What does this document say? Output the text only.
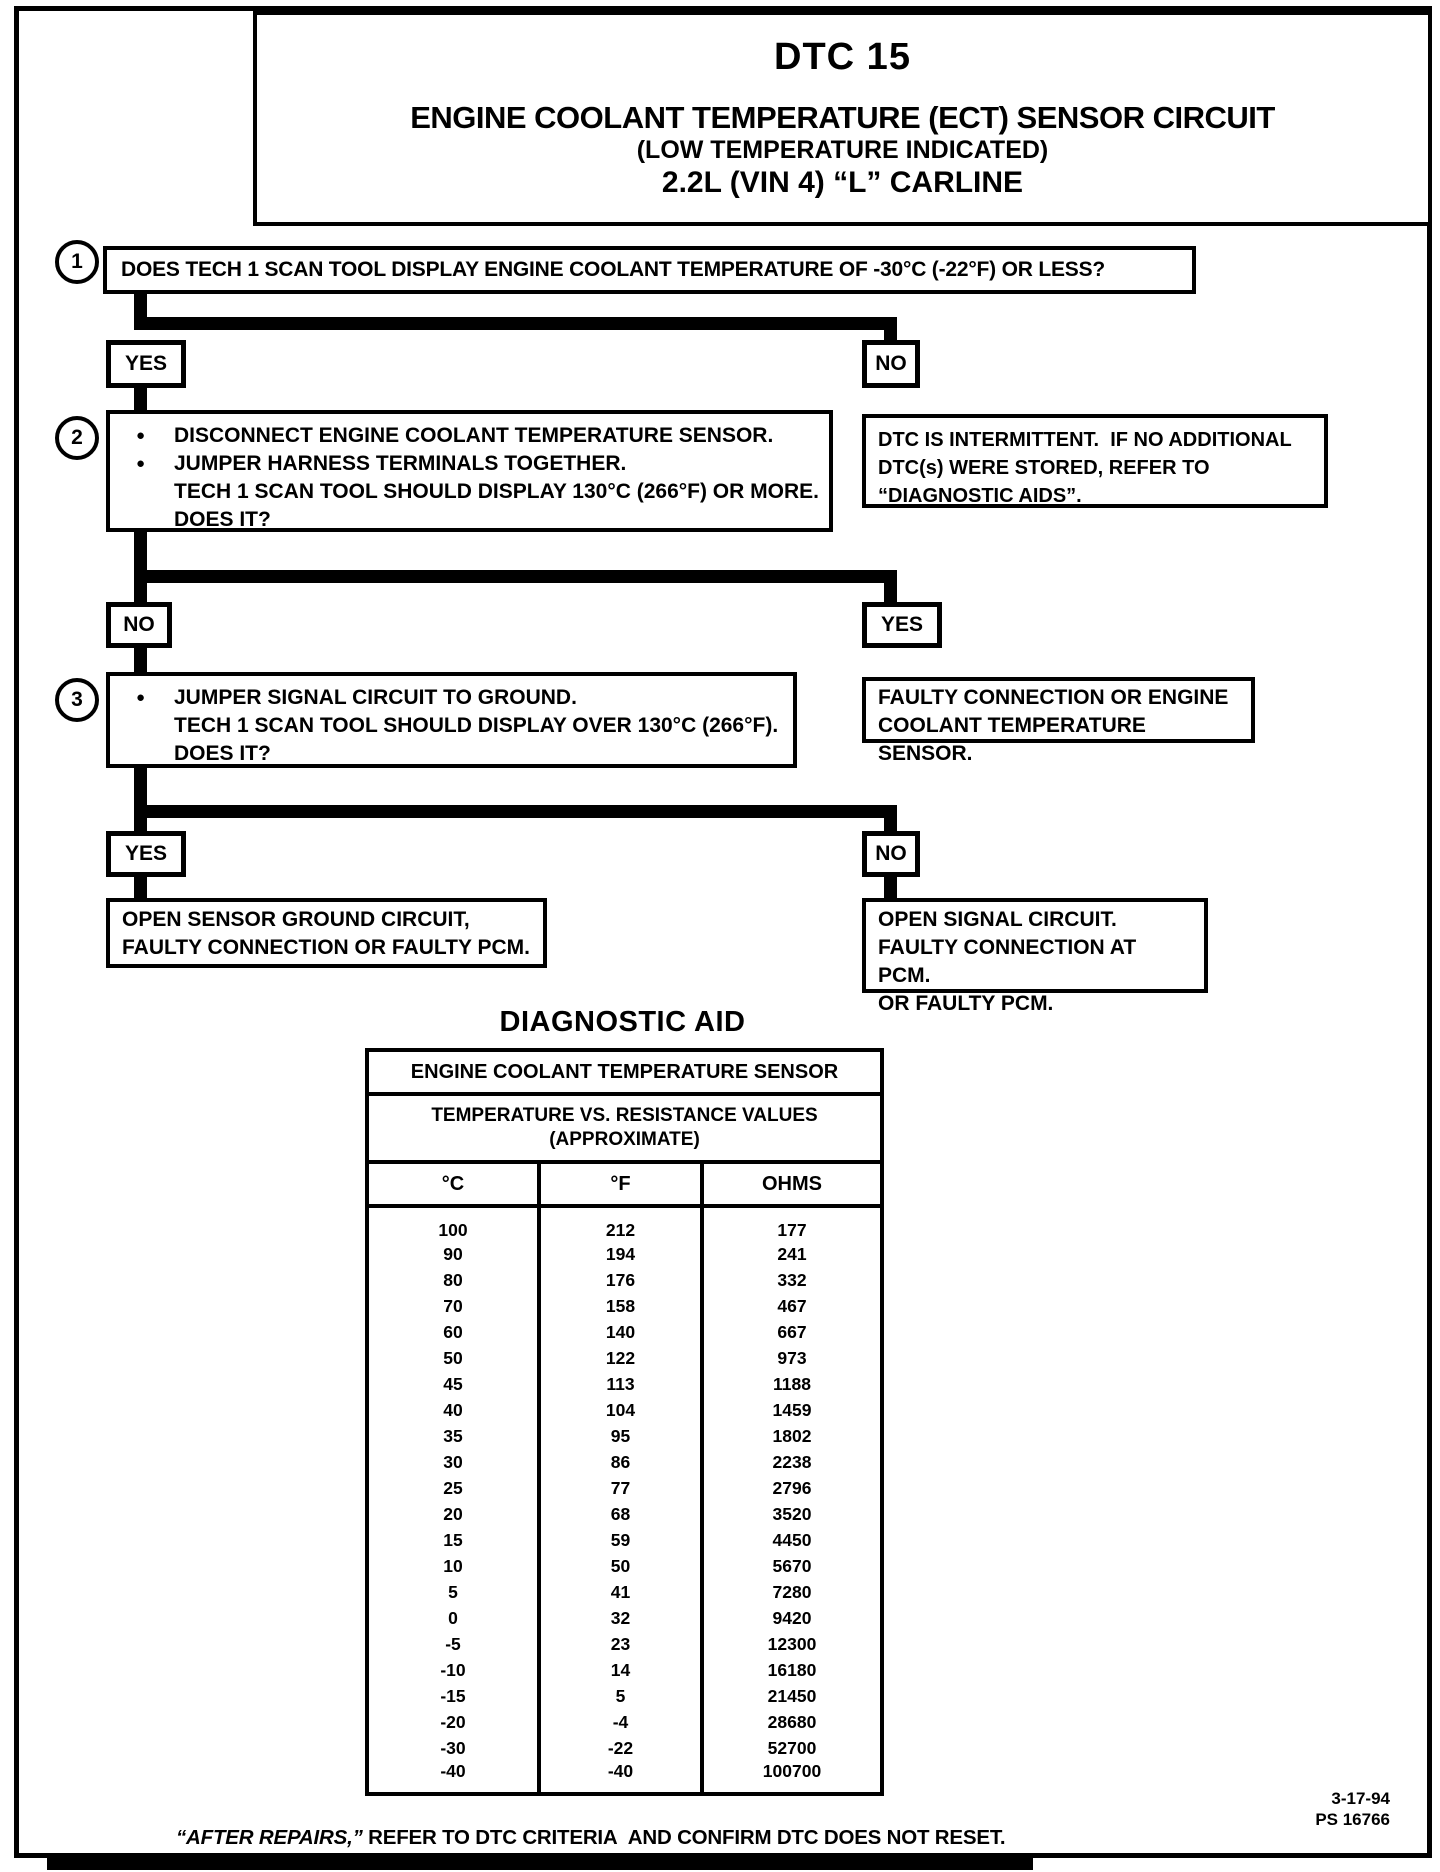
DTC 15
ENGINE COOLANT TEMPERATURE (ECT) SENSOR CIRCUIT
(LOW TEMPERATURE INDICATED)
2.2L (VIN 4) “L” CARLINE
1	DOES TECH 1 SCAN TOOL DISPLAY ENGINE COOLANT TEMPERATURE OF -30°C (-22°F) OR LESS?
YES	NO
2	● DISCONNECT ENGINE COOLANT TEMPERATURE SENSOR.
● JUMPER HARNESS TERMINALS TOGETHER.
TECH 1 SCAN TOOL SHOULD DISPLAY 130°C (266°F) OR MORE.
DOES IT?
DTC IS INTERMITTENT.  IF NO ADDITIONAL
DTC(s) WERE STORED, REFER TO
“DIAGNOSTIC AIDS”.
NO	YES
3	● JUMPER SIGNAL CIRCUIT TO GROUND.
TECH 1 SCAN TOOL SHOULD DISPLAY OVER 130°C (266°F).
DOES IT?
FAULTY CONNECTION OR ENGINE
COOLANT TEMPERATURE SENSOR.
YES	NO
OPEN SENSOR GROUND CIRCUIT,
FAULTY CONNECTION OR FAULTY PCM.
OPEN SIGNAL CIRCUIT.
FAULTY CONNECTION AT PCM.
OR FAULTY PCM.
DIAGNOSTIC AID
ENGINE COOLANT TEMPERATURE SENSOR		

TEMPERATURE VS. RESISTANCE VALUES
(APPROXIMATE)		

°C	°F	OHMS
100	212	177
90	194	241
80	176	332
70	158	467
60	140	667
50	122	973
45	113	1188
40	104	1459
35	95	1802
30	86	2238
25	77	2796
20	68	3520
15	59	4450
10	50	5670
5	41	7280
0	32	9420
-5	23	12300
-10	14	16180
-15	5	21450
-20	-4	28680
-30	-22	52700
-40	-40	100700
“AFTER REPAIRS,” REFER TO DTC CRITERIA  AND CONFIRM DTC DOES NOT RESET.
3-17-94
PS 16766
